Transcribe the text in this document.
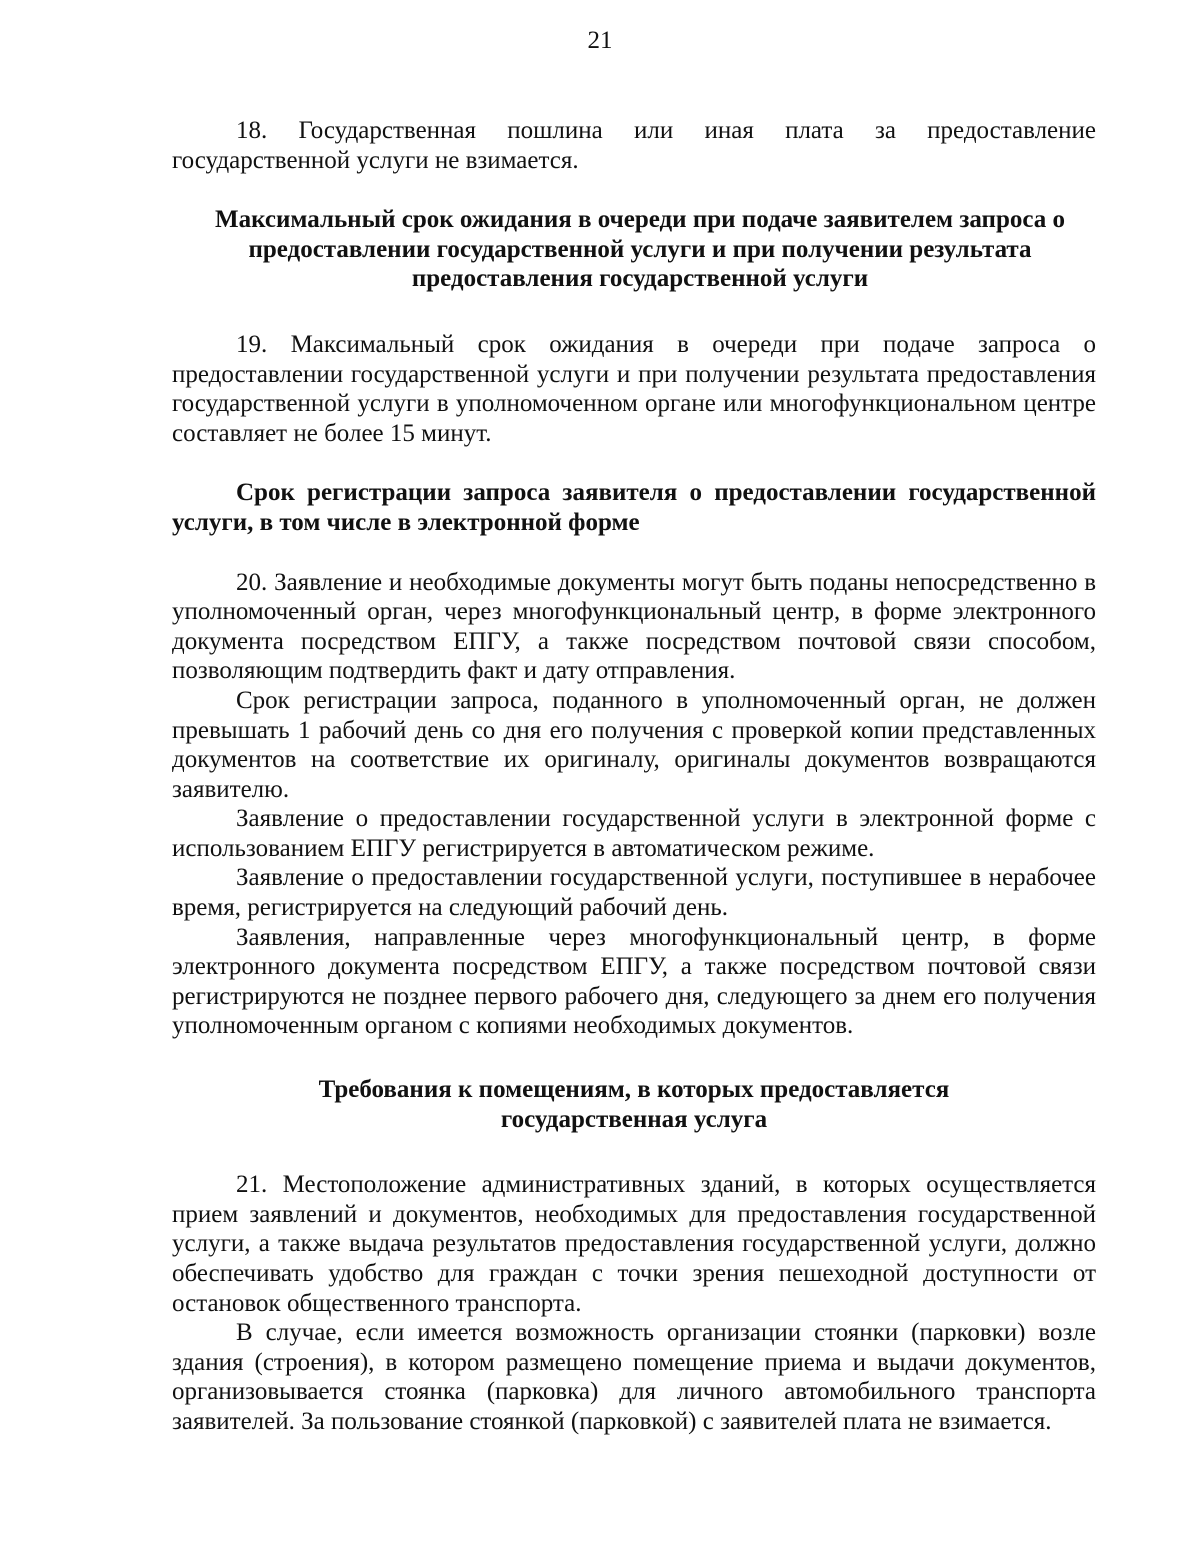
21

18. Государственная пошлина или иная плата за предоставление государственной услуги не взимается.

Максимальный срок ожидания в очереди при подаче заявителем запроса о предоставлении государственной услуги и при получении результата предоставления государственной услуги

19. Максимальный срок ожидания в очереди при подаче запроса о предоставлении государственной услуги и при получении результата предоставления государственной услуги в уполномоченном органе или многофункциональном центре составляет не более 15 минут.

Срок регистрации запроса заявителя о предоставлении государственной услуги, в том числе в электронной форме

20. Заявление и необходимые документы могут быть поданы непосредственно в уполномоченный орган, через многофункциональный центр, в форме электронного документа посредством ЕПГУ, а также посредством почтовой связи способом, позволяющим подтвердить факт и дату отправления.

Срок регистрации запроса, поданного в уполномоченный орган, не должен превышать 1 рабочий день со дня его получения с проверкой копии представленных документов на соответствие их оригиналу, оригиналы документов возвращаются заявителю.

Заявление о предоставлении государственной услуги в электронной форме с использованием ЕПГУ регистрируется в автоматическом режиме.

Заявление о предоставлении государственной услуги, поступившее в нерабочее время, регистрируется на следующий рабочий день.

Заявления, направленные через многофункциональный центр, в форме электронного документа посредством ЕПГУ, а также посредством почтовой связи регистрируются не позднее первого рабочего дня, следующего за днем его получения уполномоченным органом с копиями необходимых документов.

Требования к помещениям, в которых предоставляется государственная услуга

21. Местоположение административных зданий, в которых осуществляется прием заявлений и документов, необходимых для предоставления государственной услуги, а также выдача результатов предоставления государственной услуги, должно обеспечивать удобство для граждан с точки зрения пешеходной доступности от остановок общественного транспорта.

В случае, если имеется возможность организации стоянки (парковки) возле здания (строения), в котором размещено помещение приема и выдачи документов, организовывается стоянка (парковка) для личного автомобильного транспорта заявителей. За пользование стоянкой (парковкой) с заявителей плата не взимается.
